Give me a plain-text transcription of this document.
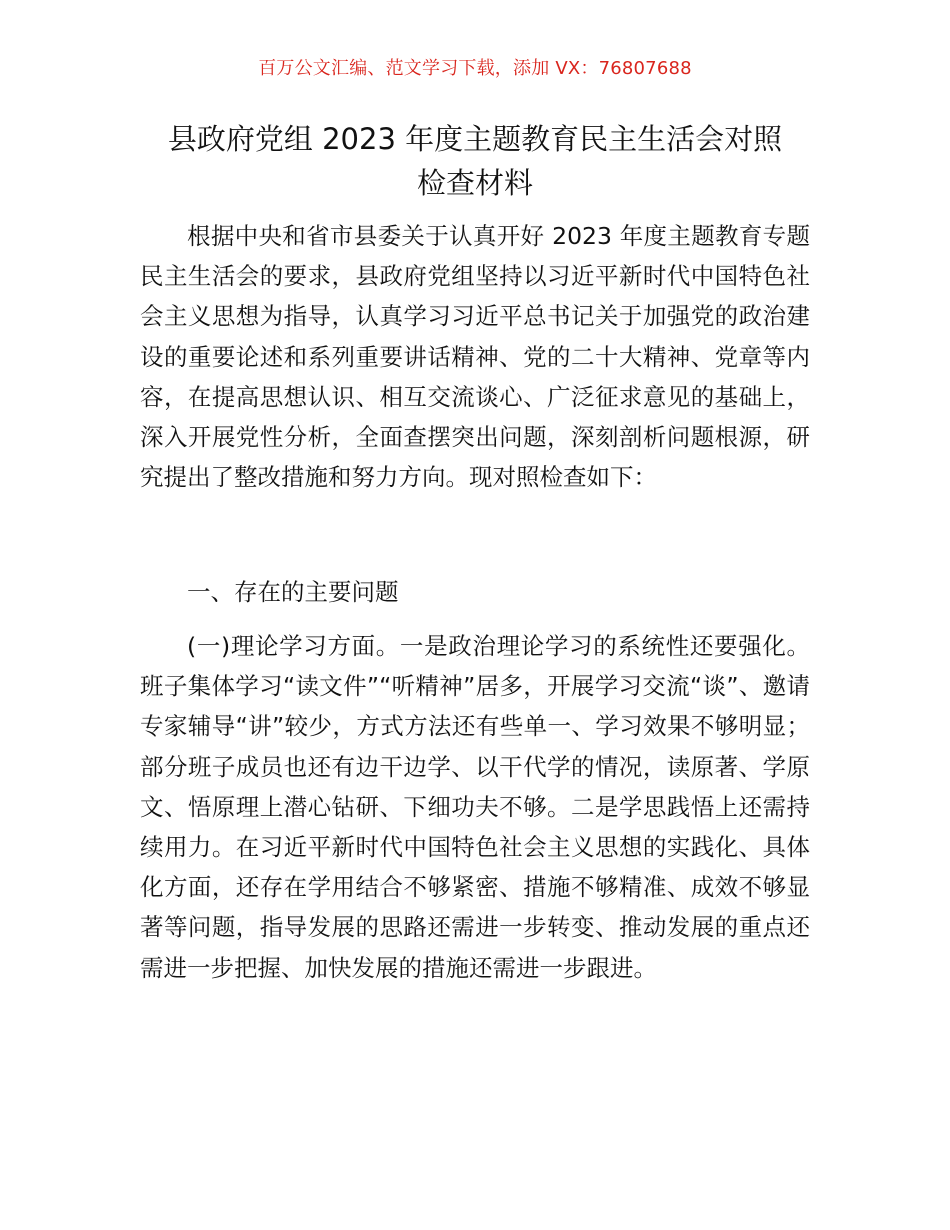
百万公文汇编、范文学习下载，添加 VX：76807688
县政府党组 2023 年度主题教育民主生活会对照
检查材料

根据中央和省市县委关于认真开好 2023 年度主题教育专题民主生活会的要求，县政府党组坚持以习近平新时代中国特色社会主义思想为指导，认真学习习近平总书记关于加强党的政治建设的重要论述和系列重要讲话精神、党的二十大精神、党章等内容，在提高思想认识、相互交流谈心、广泛征求意见的基础上，深入开展党性分析，全面查摆突出问题，深刻剖析问题根源，研究提出了整改措施和努力方向。现对照检查如下：

一、存在的主要问题

(一)理论学习方面。一是政治理论学习的系统性还要强化。班子集体学习“读文件”“听精神”居多，开展学习交流“谈”、邀请专家辅导“讲”较少，方式方法还有些单一、学习效果不够明显；部分班子成员也还有边干边学、以干代学的情况，读原著、学原文、悟原理上潜心钻研、下细功夫不够。二是学思践悟上还需持续用力。在习近平新时代中国特色社会主义思想的实践化、具体化方面，还存在学用结合不够紧密、措施不够精准、成效不够显著等问题，指导发展的思路还需进一步转变、推动发展的重点还需进一步把握、加快发展的措施还需进一步跟进。
